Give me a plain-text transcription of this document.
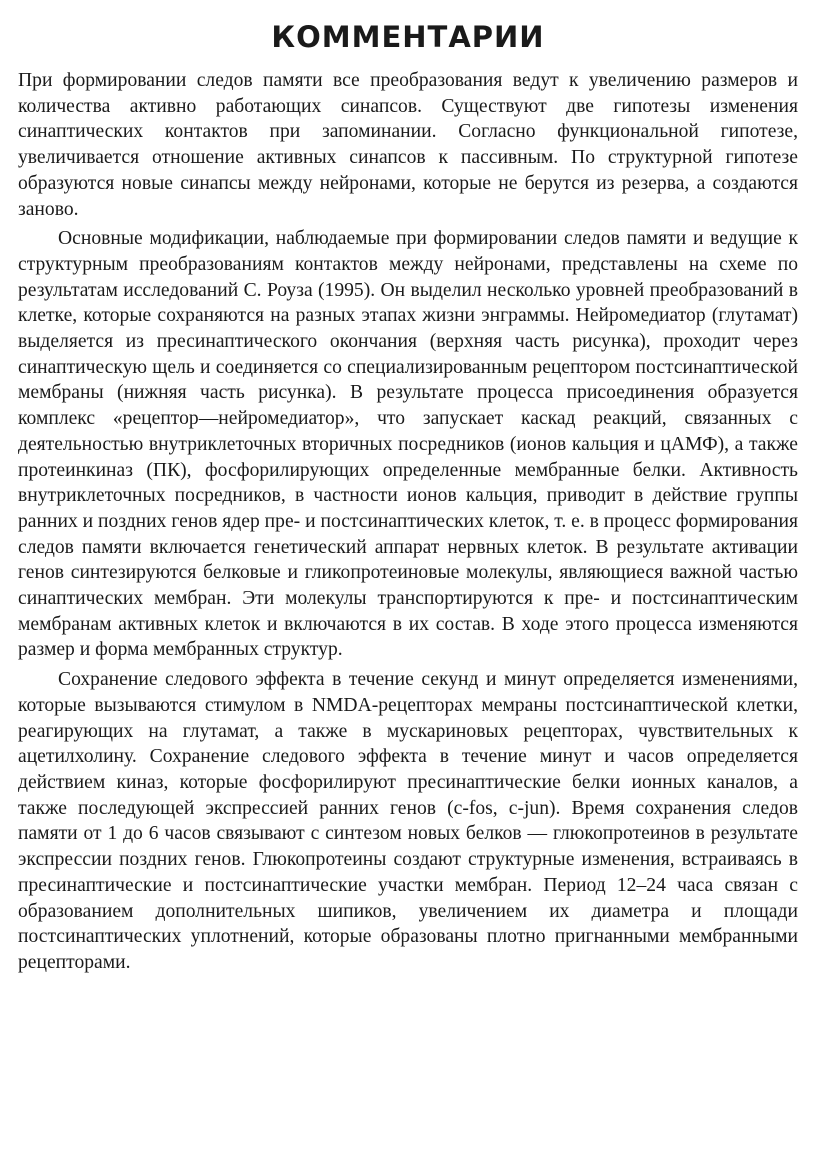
КОММЕНТАРИИ

При формировании следов памяти все преобразования ведут к увеличению размеров и количества активно работающих синапсов. Существуют две гипотезы изменения синаптических контактов при запоминании. Согласно функциональной гипотезе, увеличивается отношение активных синапсов к пассивным. По структурной гипотезе образуются новые синапсы между нейронами, которые не берутся из резерва, а создаются заново.

Основные модификации, наблюдаемые при формировании следов памяти и ведущие к структурным преобразованиям контактов между нейронами, представлены на схеме по результатам исследований С. Роуза (1995). Он выделил несколько уровней преобразований в клетке, которые сохраняются на разных этапах жизни энграммы. Нейромедиатор (глутамат) выделяется из пресинаптического окончания (верхняя часть рисунка), проходит через синаптическую щель и соединяется со специализированным рецептором постсинаптической мембраны (нижняя часть рисунка). В результате процесса присоединения образуется комплекс «рецептор—нейромедиатор», что запускает каскад реакций, связанных с деятельностью внутриклеточных вторичных посредников (ионов кальция и цАМФ), а также протеинкиназ (ПК), фосфорилирующих определенные мембранные белки. Активность внутриклеточных посредников, в частности ионов кальция, приводит в действие группы ранних и поздних генов ядер пре- и постсинаптических клеток, т. е. в процесс формирования следов памяти включается генетический аппарат нервных клеток. В результате активации генов синтезируются белковые и гликопротеиновые молекулы, являющиеся важной частью синаптических мембран. Эти молекулы транспортируются к пре- и постсинаптическим мембранам активных клеток и включаются в их состав. В ходе этого процесса изменяются размер и форма мембранных структур.

Сохранение следового эффекта в течение секунд и минут определяется изменениями, которые вызываются стимулом в NMDA-рецепторах мемраны постсинаптической клетки, реагирующих на глутамат, а также в мускариновых рецепторах, чувствительных к ацетилхолину. Сохранение следового эффекта в течение минут и часов определяется действием киназ, которые фосфорилируют пресинаптические белки ионных каналов, а также последующей экспрессией ранних генов (c-fos, c-jun). Время сохранения следов памяти от 1 до 6 часов связывают с синтезом новых белков — глюкопротеинов в результате экспрессии поздних генов. Глюкопротеины создают структурные изменения, встраиваясь в пресинаптические и постсинаптические участки мембран. Период 12–24 часа связан с образованием дополнительных шипиков, увеличением их диаметра и площади постсинаптических уплотнений, которые образованы плотно пригнанными мембранными рецепторами.
